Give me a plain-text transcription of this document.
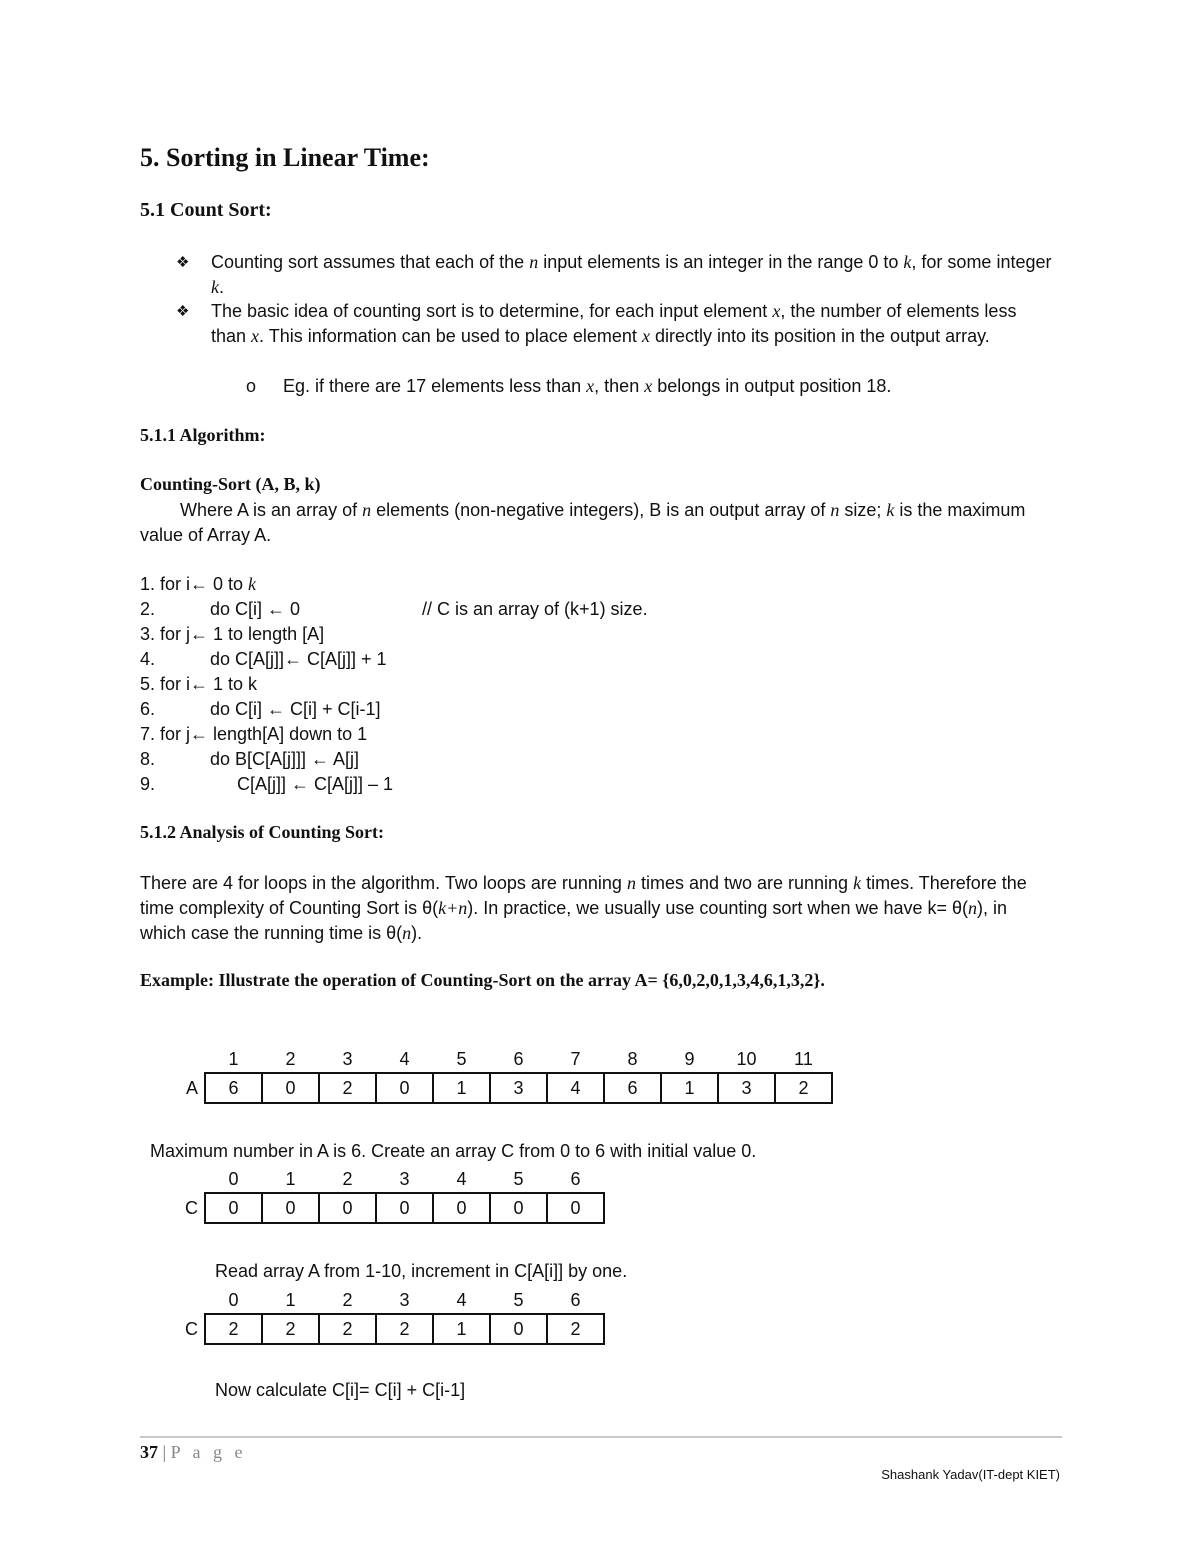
5. Sorting in Linear Time:
5.1 Count Sort:
❖ Counting sort assumes that each of the n input elements is an integer in the range 0 to k, for some integer k.
❖ The basic idea of counting sort is to determine, for each input element x, the number of elements less than x. This information can be used to place element x directly into its position in the output array.
o Eg. if there are 17 elements less than x, then x belongs in output position 18.
5.1.1 Algorithm:
Counting-Sort (A, B, k)
Where A is an array of n elements (non-negative integers), B is an output array of n size; k is the maximum value of Array A.
1. for i← 0 to k
2.	do C[i] ← 0	// C is an array of (k+1) size.
3. for j← 1 to length [A]
4.	do C[A[j]]← C[A[j]] + 1
5. for i← 1 to k
6.	do C[i] ← C[i] + C[i-1]
7. for j← length[A] down to 1
8.	do B[C[A[j]]] ← A[j]
9.	C[A[j]] ← C[A[j]] – 1
5.1.2 Analysis of Counting Sort:
There are 4 for loops in the algorithm. Two loops are running n times and two are running k times. Therefore the time complexity of Counting Sort is θ(k+n). In practice, we usually use counting sort when we have k= θ(n), in which case the running time is θ(n).
Example: Illustrate the operation of Counting-Sort on the array A= {6,0,2,0,1,3,4,6,1,3,2}.
	1	2	3	4	5	6	7	8	9	10	11
A	6	0	2	0	1	3	4	6	1	3	2
Maximum number in A is 6. Create an array C from 0 to 6 with initial value 0.
	0	1	2	3	4	5	6
C	0	0	0	0	0	0	0
Read array A from 1-10, increment in C[A[i]] by one.
	0	1	2	3	4	5	6
C	2	2	2	2	1	0	2
Now calculate C[i]= C[i] + C[i-1]
37 | P a g e
Shashank Yadav(IT-dept KIET)
